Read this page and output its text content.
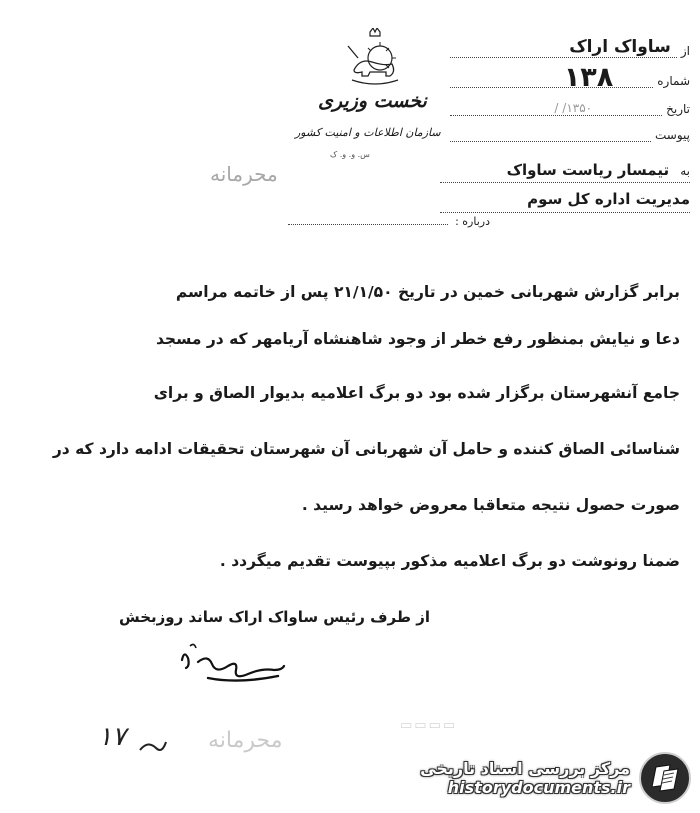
نخست وزیری
سازمان اطلاعات و امنیت کشور
س. و. و. ک
از
ساواک اراک
شماره
۱۳۸
تاریخ
۱۳۵۰/ /
پیوست
به تیمسار ریاست ساواک
مدیریت اداره کل سوم
درباره :
محرمانه
برابر گزارش شهربانی خمین در تاریخ ۲۱/۱/۵۰ پس از خاتمه مراسم
دعا و نیایش بمنظور رفع خطر از وجود شاهنشاه آریامهر که در مسجد
جامع آنشهرستان برگزار شده بود دو برگ اعلامیه بدیوار الصاق و برای
شناسائی الصاق کننده و حامل آن شهربانی آن شهرستان تحقیقات ادامه دارد که در
صورت حصول نتیجه متعاقبا معروض خواهد رسید .
ضمنا رونوشت دو برگ اعلامیه مذکور بپیوست تقدیم میگردد .
از طرف رئیس ساواک اراک ساند روزبخش
محرمانه
▭▭▭▭
۱۷
مرکز بررسی اسناد تاریخی
historydocuments.ir
